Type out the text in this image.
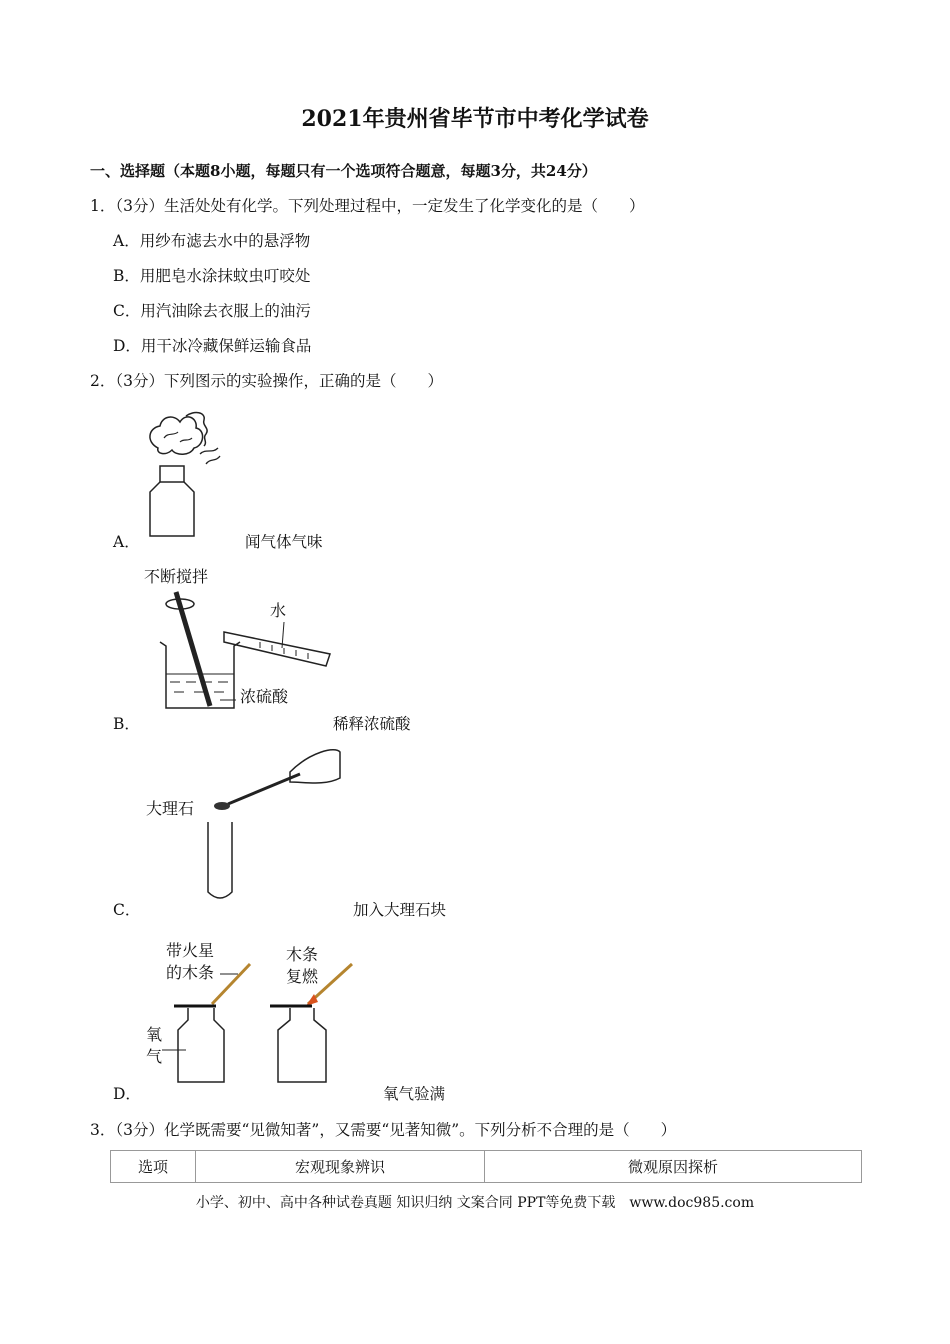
2021年贵州省毕节市中考化学试卷
一、选择题（本题8小题，每题只有一个选项符合题意，每题3分，共24分）
1．（3分）生活处处有化学。下列处理过程中，一定发生了化学变化的是（　　）
A．用纱布滤去水中的悬浮物
B．用肥皂水涂抹蚊虫叮咬处
C．用汽油除去衣服上的油污
D．用干冰冷藏保鲜运输食品
2．（3分）下列图示的实验操作，正确的是（　　）
A．	闻气体气味
不断搅拌
水
浓硫酸
B．	稀释浓硫酸
大理石
C．	加入大理石块
带火星
的木条
木条
复燃
氧
气
D．	氧气验满
3．（3分）化学既需要“见微知著”，又需要“见著知微”。下列分析不合理的是（　　）
选项	宏观现象辨识	微观原因探析
小学、初中、高中各种试卷真题 知识归纳 文案合同 PPT等免费下载　www.doc985.com
